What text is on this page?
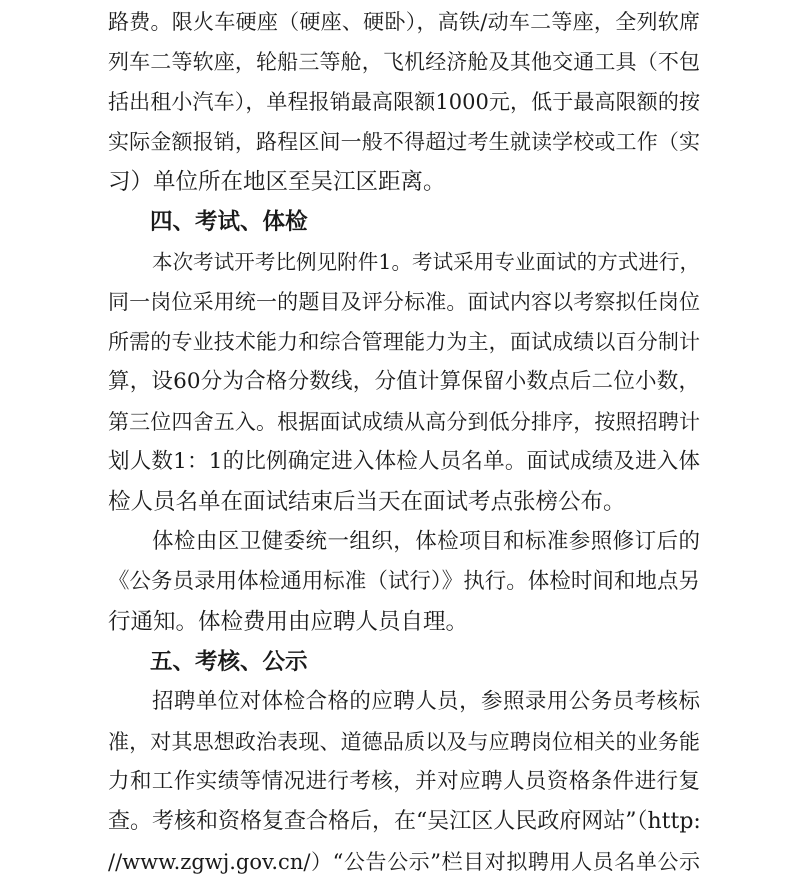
路费。限火车硬座（硬座、硬卧），高铁/动车二等座，全列软席
列车二等软座，轮船三等舱，飞机经济舱及其他交通工具（不包
括出租小汽车），单程报销最高限额1000元，低于最高限额的按
实际金额报销，路程区间一般不得超过考生就读学校或工作（实
习）单位所在地区至吴江区距离。
四、考试、体检
本次考试开考比例见附件1。考试采用专业面试的方式进行，
同一岗位采用统一的题目及评分标准。面试内容以考察拟任岗位
所需的专业技术能力和综合管理能力为主，面试成绩以百分制计
算，设60分为合格分数线，分值计算保留小数点后二位小数，
第三位四舍五入。根据面试成绩从高分到低分排序，按照招聘计
划人数1：1的比例确定进入体检人员名单。面试成绩及进入体
检人员名单在面试结束后当天在面试考点张榜公布。
体检由区卫健委统一组织，体检项目和标准参照修订后的
《公务员录用体检通用标准（试行）》执行。体检时间和地点另
行通知。体检费用由应聘人员自理。
五、考核、公示
招聘单位对体检合格的应聘人员，参照录用公务员考核标
准，对其思想政治表现、道德品质以及与应聘岗位相关的业务能
力和工作实绩等情况进行考核，并对应聘人员资格条件进行复
查。考核和资格复查合格后，在“吴江区人民政府网站”（http:
//www.zgwj.gov.cn/）“公告公示”栏目对拟聘用人员名单公示
